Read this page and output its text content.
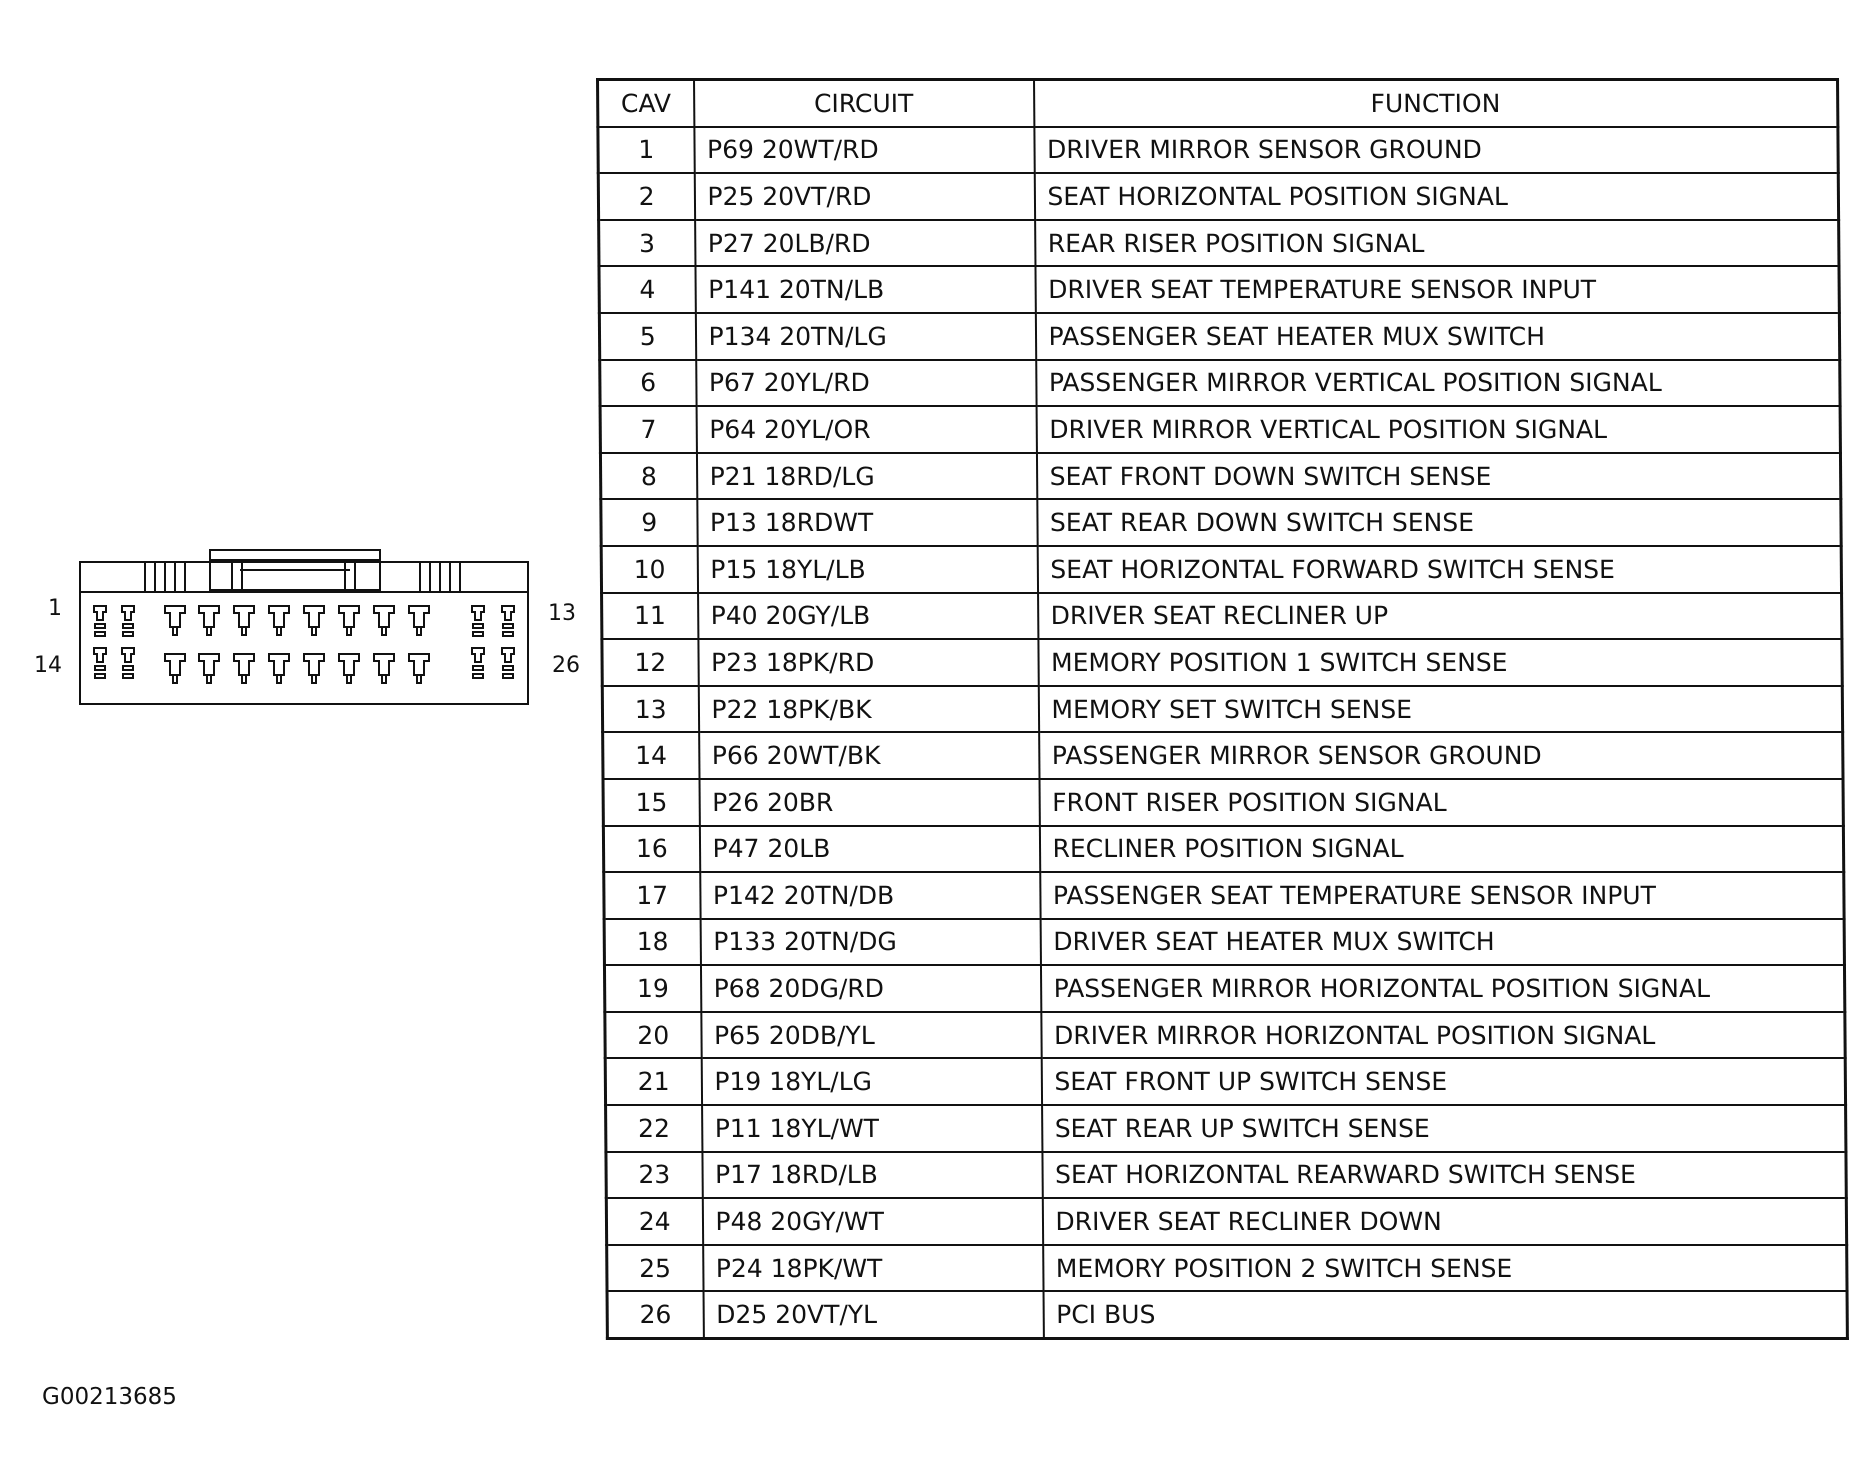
1	13
14	26
CAV	CIRCUIT	FUNCTION
1	P69 20WT/RD	DRIVER MIRROR SENSOR GROUND
2	P25 20VT/RD	SEAT HORIZONTAL POSITION SIGNAL
3	P27 20LB/RD	REAR RISER POSITION SIGNAL
4	P141 20TN/LB	DRIVER SEAT TEMPERATURE SENSOR INPUT
5	P134 20TN/LG	PASSENGER SEAT HEATER MUX SWITCH
6	P67 20YL/RD	PASSENGER MIRROR VERTICAL POSITION SIGNAL
7	P64 20YL/OR	DRIVER MIRROR VERTICAL POSITION SIGNAL
8	P21 18RD/LG	SEAT FRONT DOWN SWITCH SENSE
9	P13 18RDWT	SEAT REAR DOWN SWITCH SENSE
10	P15 18YL/LB	SEAT HORIZONTAL FORWARD SWITCH SENSE
11	P40 20GY/LB	DRIVER SEAT RECLINER UP
12	P23 18PK/RD	MEMORY POSITION 1 SWITCH SENSE
13	P22 18PK/BK	MEMORY SET SWITCH SENSE
14	P66 20WT/BK	PASSENGER MIRROR SENSOR GROUND
15	P26 20BR	FRONT RISER POSITION SIGNAL
16	P47 20LB	RECLINER POSITION SIGNAL
17	P142 20TN/DB	PASSENGER SEAT TEMPERATURE SENSOR INPUT
18	P133 20TN/DG	DRIVER SEAT HEATER MUX SWITCH
19	P68 20DG/RD	PASSENGER MIRROR HORIZONTAL POSITION SIGNAL
20	P65 20DB/YL	DRIVER MIRROR HORIZONTAL POSITION SIGNAL
21	P19 18YL/LG	SEAT FRONT UP SWITCH SENSE
22	P11 18YL/WT	SEAT REAR UP SWITCH SENSE
23	P17 18RD/LB	SEAT HORIZONTAL REARWARD SWITCH SENSE
24	P48 20GY/WT	DRIVER SEAT RECLINER DOWN
25	P24 18PK/WT	MEMORY POSITION 2 SWITCH SENSE
26	D25 20VT/YL	PCI BUS
G00213685
